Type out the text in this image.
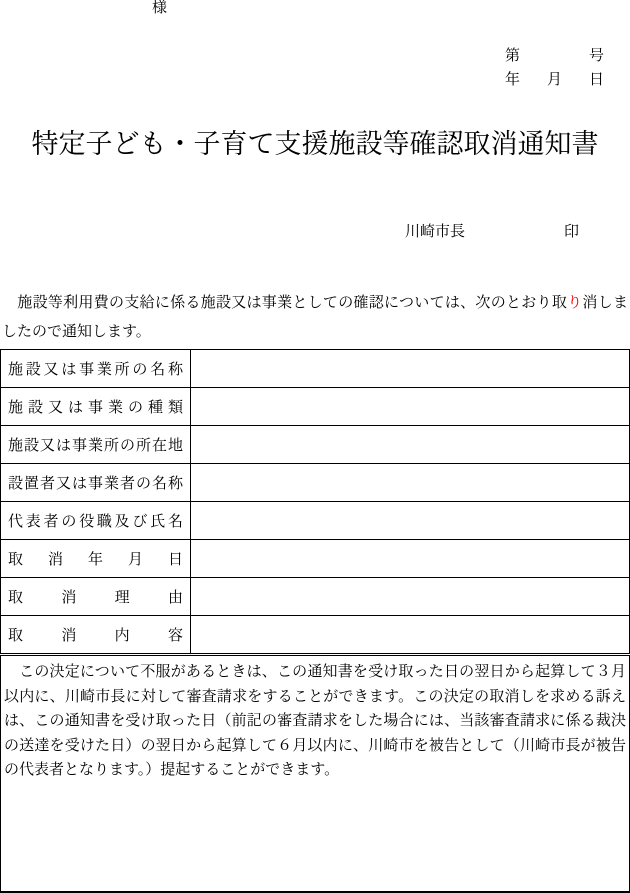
様
第	号
年 月 日
特定子ども・子育て支援施設等確認取消通知書
川崎市長	印
　施設等利用費の支給に係る施設又は事業としての確認については、次のとおり取り消しましたので通知します。
施設又は事業所の名称	
施設又は事業の種類	
施設又は事業所の所在地	
設置者又は事業者の名称	
代表者の役職及び氏名	
取消年月日	
取消理由	
取消内容	
　この決定について不服があるときは、この通知書を受け取った日の翌日から起算して３月以内に、川崎市長に対して審査請求をすることができます。この決定の取消しを求める訴えは、この通知書を受け取った日（前記の審査請求をした場合には、当該審査請求に係る裁決の送達を受けた日）の翌日から起算して６月以内に、川崎市を被告として（川崎市長が被告の代表者となります。）提起することができます。
